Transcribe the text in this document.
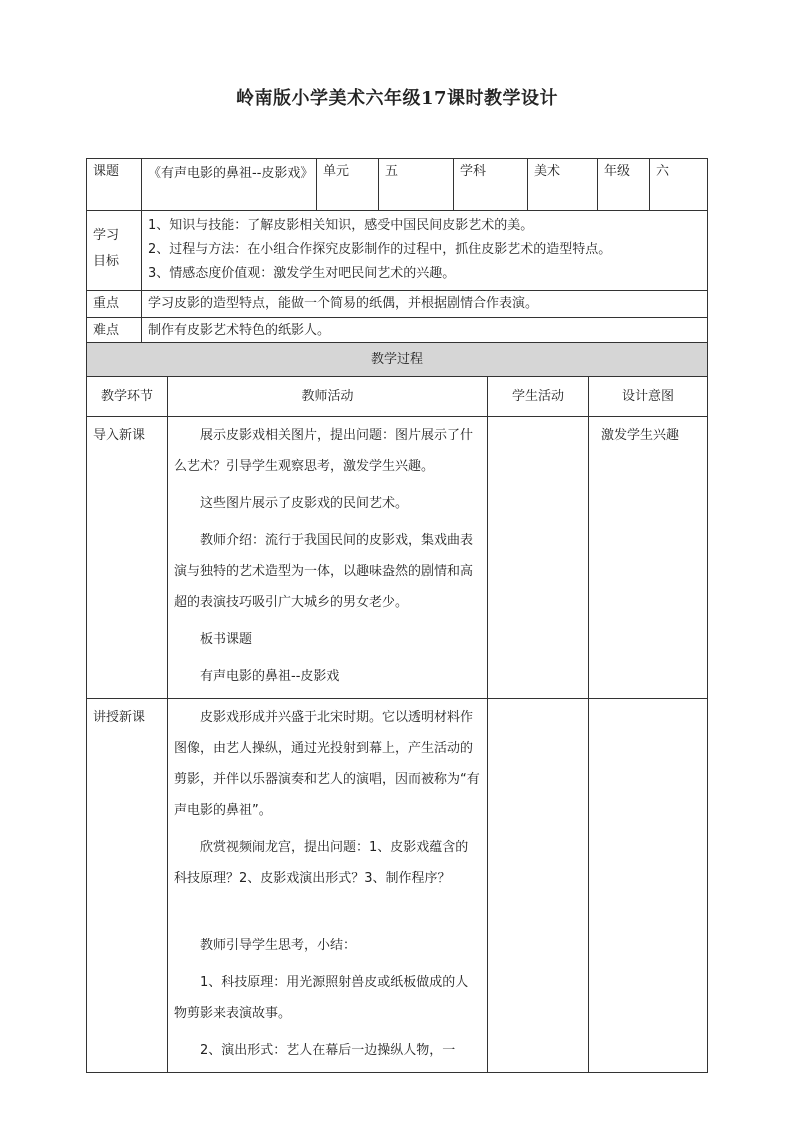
岭南版小学美术六年级17课时教学设计
课题	《有声电影的鼻祖--皮影戏》	单元	五	学科	美术	年级	六
学习目标	1、知识与技能：了解皮影相关知识，感受中国民间皮影艺术的美。

2、过程与方法：在小组合作探究皮影制作的过程中，抓住皮影艺术的造型特点。

3、情感态度价值观：激发学生对吧民间艺术的兴趣。						

重点	学习皮影的造型特点，能做一个简易的纸偶，并根据剧情合作表演。						
难点	制作有皮影艺术特色的纸影人。						
教学过程			
教学环节	教师活动	学生活动	设计意图
导入新课	展示皮影戏相关图片，提出问题：图片展示了什么艺术？引导学生观察思考，激发学生兴趣。

这些图片展示了皮影戏的民间艺术。

教师介绍：流行于我国民间的皮影戏，集戏曲表演与独特的艺术造型为一体，以趣味盎然的剧情和高超的表演技巧吸引广大城乡的男女老少。

板书课题

有声电影的鼻祖--皮影戏		激发学生兴趣
讲授新课	皮影戏形成并兴盛于北宋时期。它以透明材料作图像，由艺人操纵，通过光投射到幕上，产生活动的剪影，并伴以乐器演奏和艺人的演唱，因而被称为“有声电影的鼻祖”。

欣赏视频闹龙宫，提出问题：1、皮影戏蕴含的科技原理？2、皮影戏演出形式？3、制作程序？

教师引导学生思考，小结：

1、科技原理：用光源照射兽皮或纸板做成的人物剪影来表演故事。

2、演出形式：艺人在幕后一边操纵人物，一		
